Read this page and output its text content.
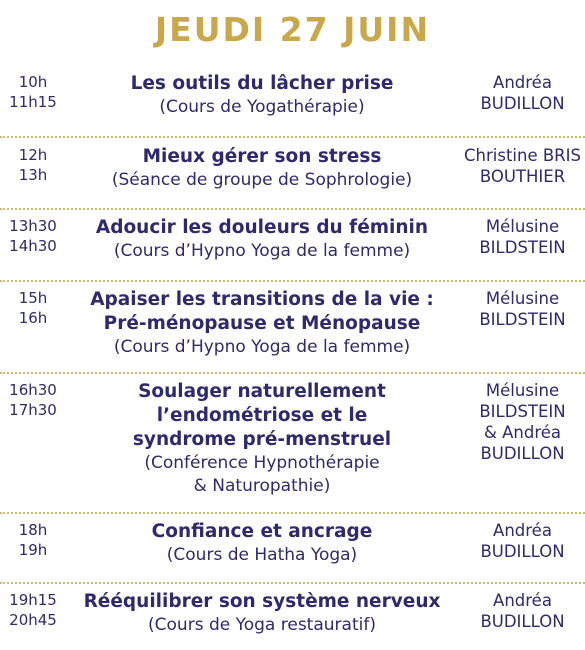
JEUDI 27 JUIN
10h
11h15
Les outils du lâcher prise
(Cours de Yogathérapie)
Andréa
BUDILLON
12h
13h
Mieux gérer son stress
(Séance de groupe de Sophrologie)
Christine BRIS
BOUTHIER
13h30
14h30
Adoucir les douleurs du féminin
(Cours d’Hypno Yoga de la femme)
Mélusine
BILDSTEIN
15h
16h
Apaiser les transitions de la vie :
Pré-ménopause et Ménopause
(Cours d’Hypno Yoga de la femme)
Mélusine
BILDSTEIN
16h30
17h30
Soulager naturellement
l’endométriose et le
syndrome pré-menstruel
(Conférence Hypnothérapie
& Naturopathie)
Mélusine
BILDSTEIN
& Andréa
BUDILLON
18h
19h
Confiance et ancrage
(Cours de Hatha Yoga)
Andréa
BUDILLON
19h15
20h45
Rééquilibrer son système nerveux
(Cours de Yoga restauratif)
Andréa
BUDILLON
